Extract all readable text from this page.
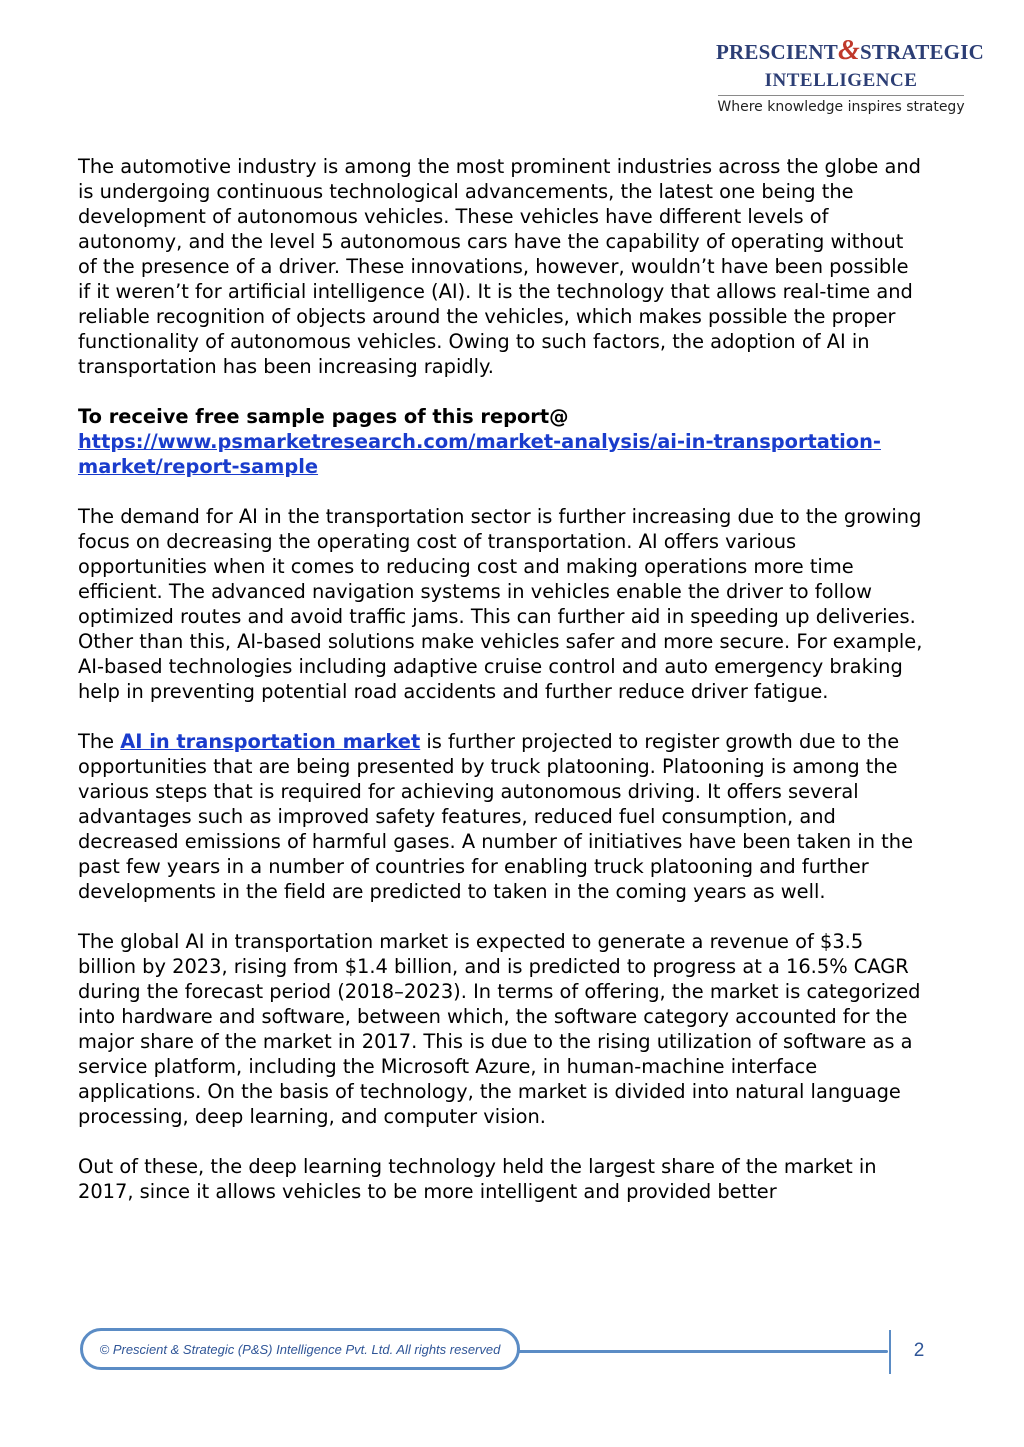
PRESCIENT&STRATEGIC
INTELLIGENCE
Where knowledge inspires strategy

The automotive industry is among the most prominent industries across the globe and is undergoing continuous technological advancements, the latest one being the development of autonomous vehicles. These vehicles have different levels of autonomy, and the level 5 autonomous cars have the capability of operating without of the presence of a driver. These innovations, however, wouldn’t have been possible if it weren’t for artificial intelligence (AI). It is the technology that allows real-time and reliable recognition of objects around the vehicles, which makes possible the proper functionality of autonomous vehicles. Owing to such factors, the adoption of AI in transportation has been increasing rapidly.

To receive free sample pages of this report@
https://www.psmarketresearch.com/market-analysis/ai-in-transportation-market/report-sample

The demand for AI in the transportation sector is further increasing due to the growing focus on decreasing the operating cost of transportation. AI offers various opportunities when it comes to reducing cost and making operations more time efficient. The advanced navigation systems in vehicles enable the driver to follow optimized routes and avoid traffic jams. This can further aid in speeding up deliveries. Other than this, AI-based solutions make vehicles safer and more secure. For example, AI-based technologies including adaptive cruise control and auto emergency braking help in preventing potential road accidents and further reduce driver fatigue.

The AI in transportation market is further projected to register growth due to the opportunities that are being presented by truck platooning. Platooning is among the various steps that is required for achieving autonomous driving. It offers several advantages such as improved safety features, reduced fuel consumption, and decreased emissions of harmful gases. A number of initiatives have been taken in the past few years in a number of countries for enabling truck platooning and further developments in the field are predicted to taken in the coming years as well.

The global AI in transportation market is expected to generate a revenue of $3.5 billion by 2023, rising from $1.4 billion, and is predicted to progress at a 16.5% CAGR during the forecast period (2018–2023). In terms of offering, the market is categorized into hardware and software, between which, the software category accounted for the major share of the market in 2017. This is due to the rising utilization of software as a service platform, including the Microsoft Azure, in human-machine interface applications. On the basis of technology, the market is divided into natural language processing, deep learning, and computer vision.

Out of these, the deep learning technology held the largest share of the market in 2017, since it allows vehicles to be more intelligent and provided better

© Prescient & Strategic (P&S) Intelligence Pvt. Ltd. All rights reserved	2
